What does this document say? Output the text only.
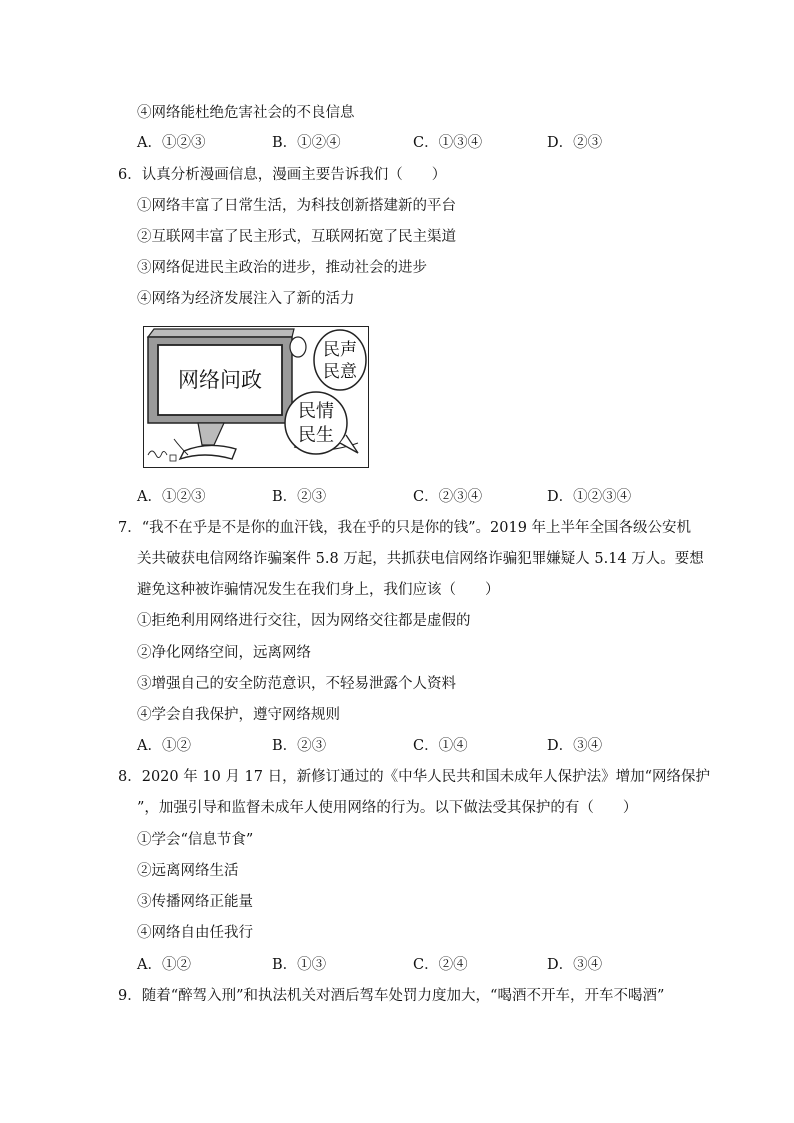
④网络能杜绝危害社会的不良信息
A．①②③	B．①②④	C．①③④	D．②③
6．认真分析漫画信息，漫画主要告诉我们（　　）
①网络丰富了日常生活，为科技创新搭建新的平台
②互联网丰富了民主形式，互联网拓宽了民主渠道
③网络促进民主政治的进步，推动社会的进步
④网络为经济发展注入了新的活力
网络问政
民声
民意
民情
民生
A．①②③	B．②③	C．②③④	D．①②③④
7．“我不在乎是不是你的血汗钱，我在乎的只是你的钱”。2019 年上半年全国各级公安机
关共破获电信网络诈骗案件 5.8 万起，共抓获电信网络诈骗犯罪嫌疑人 5.14 万人。要想
避免这种被诈骗情况发生在我们身上，我们应该（　　）
①拒绝利用网络进行交往，因为网络交往都是虚假的
②净化网络空间，远离网络
③增强自己的安全防范意识，不轻易泄露个人资料
④学会自我保护，遵守网络规则
A．①②	B．②③	C．①④	D．③④
8．2020 年 10 月 17 日，新修订通过的《中华人民共和国未成年人保护法》增加“网络保护
”，加强引导和监督未成年人使用网络的行为。以下做法受其保护的有（　　）
①学会“信息节食”
②远离网络生活
③传播网络正能量
④网络自由任我行
A．①②	B．①③	C．②④	D．③④
9．随着“醉驾入刑”和执法机关对酒后驾车处罚力度加大，“喝酒不开车，开车不喝酒”
